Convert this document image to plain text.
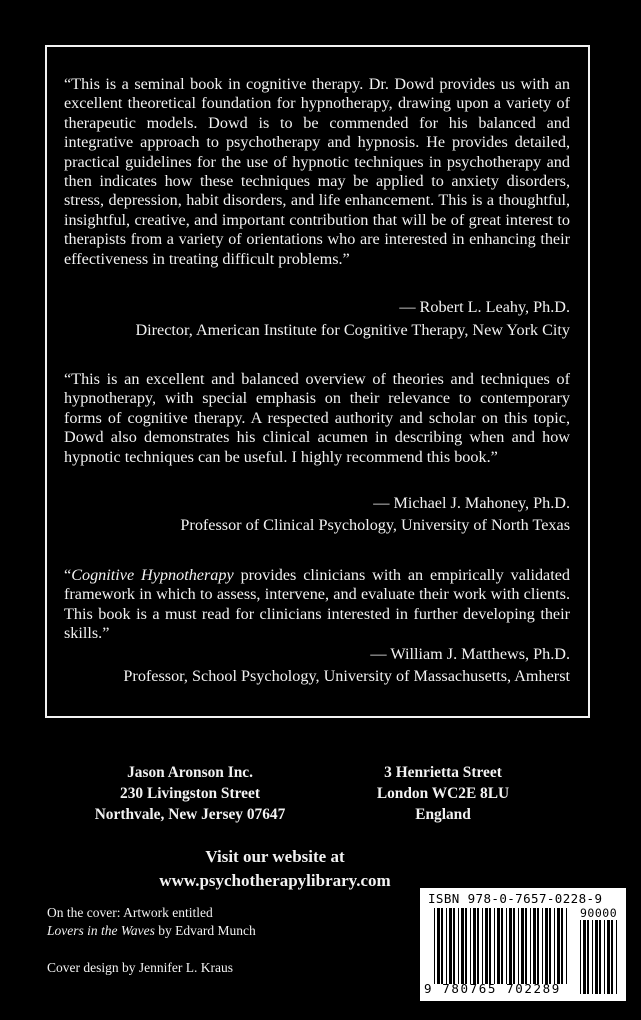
“This is a seminal book in cognitive therapy. Dr. Dowd provides us with an excellent theoretical foundation for hypnotherapy, drawing upon a variety of therapeutic models. Dowd is to be commended for his balanced and integrative approach to psychotherapy and hypnosis. He provides detailed, practical guidelines for the use of hypnotic techniques in psychotherapy and then indicates how these techniques may be applied to anxiety disorders, stress, depression, habit disorders, and life enhancement. This is a thoughtful, insightful, creative, and important contribution that will be of great interest to therapists from a variety of orientations who are interested in enhancing their effectiveness in treating difficult problems.”
— Robert L. Leahy, Ph.D.
Director, American Institute for Cognitive Therapy, New York City
“This is an excellent and balanced overview of theories and techniques of hypnotherapy, with special emphasis on their relevance to contemporary forms of cognitive therapy. A respected authority and scholar on this topic, Dowd also demonstrates his clinical acumen in describing when and how hypnotic techniques can be useful. I highly recommend this book.”
— Michael J. Mahoney, Ph.D.
Professor of Clinical Psychology, University of North Texas
“Cognitive Hypnotherapy provides clinicians with an empirically validated framework in which to assess, intervene, and evaluate their work with clients. This book is a must read for clinicians interested in further developing their skills.”
— William J. Matthews, Ph.D.
Professor, School Psychology, University of Massachusetts, Amherst
Jason Aronson Inc.
230 Livingston Street
Northvale, New Jersey 07647
3 Henrietta Street
London WC2E 8LU
England
Visit our website at
www.psychotherapylibrary.com
On the cover: Artwork entitled
Lovers in the Waves by Edvard Munch
Cover design by Jennifer L. Kraus
ISBN 978-0-7657-0228-9
90000
9 780765 702289
